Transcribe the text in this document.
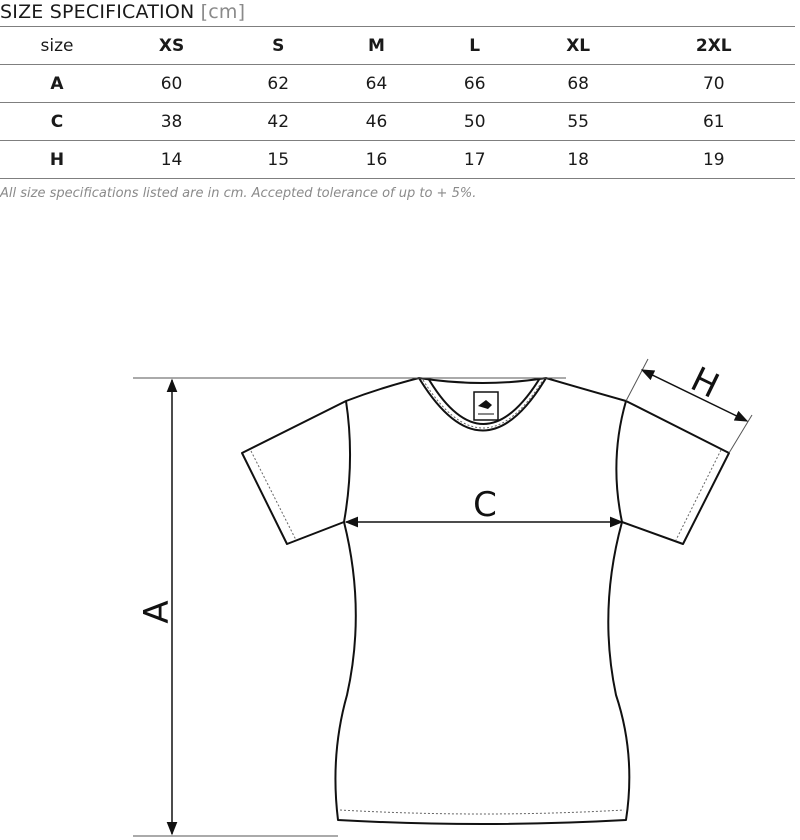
SIZE SPECIFICATION [cm]
size	XS	S	M	L	XL	2XL
A	60	62	64	66	68	70
C	38	42	46	50	55	61
H	14	15	16	17	18	19
All size specifications listed are in cm. Accepted tolerance of up to + 5%.
A
C
H
